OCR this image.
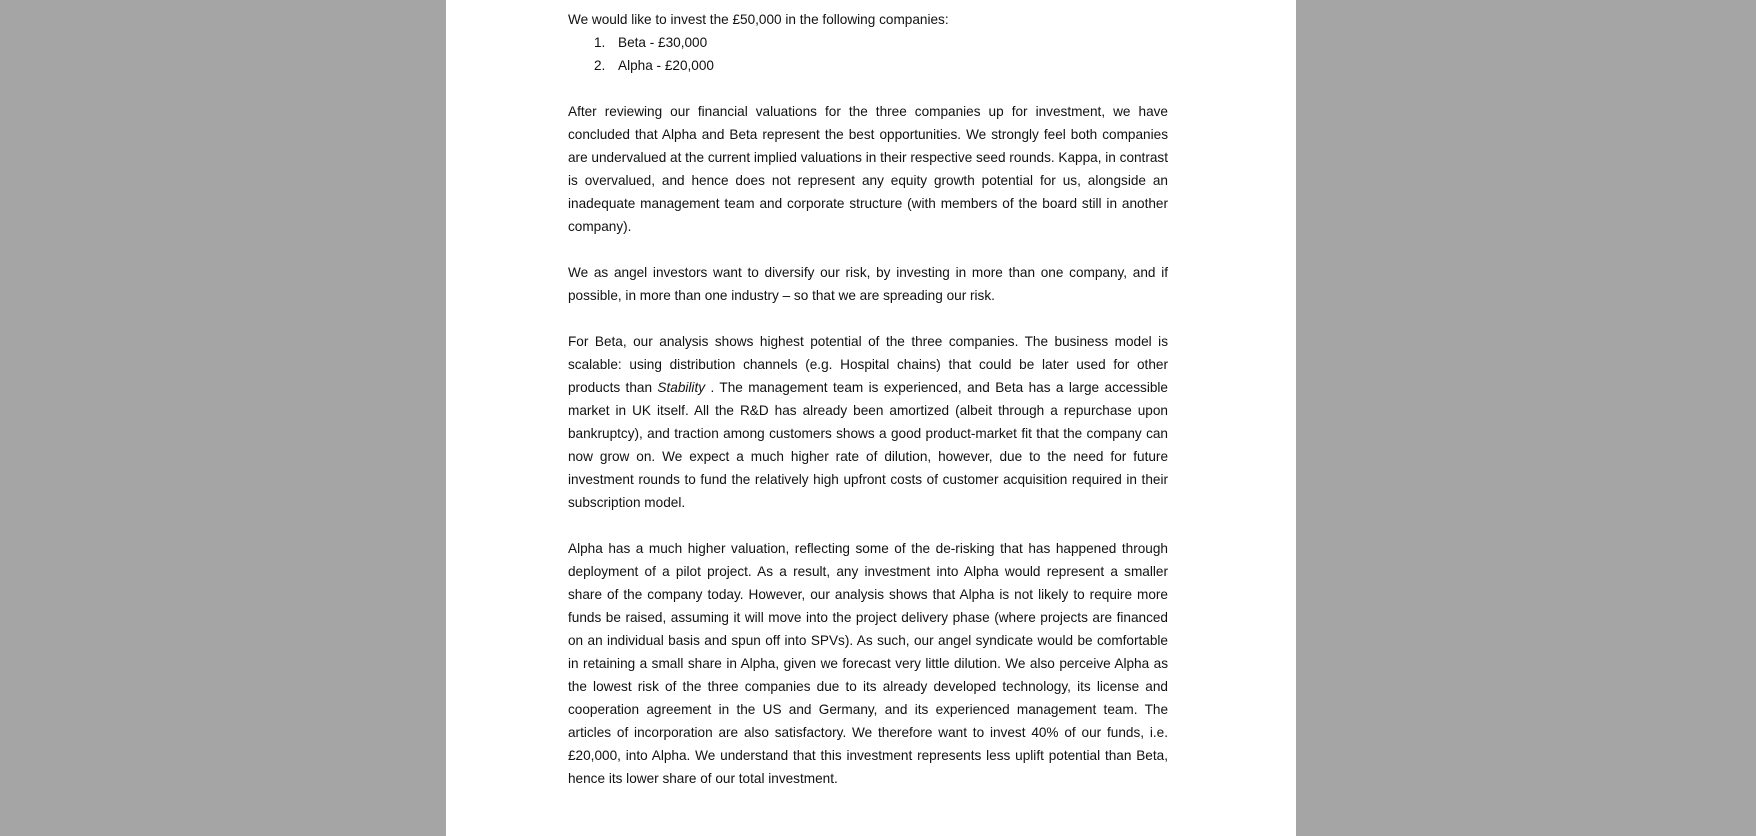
We would like to invest the £50,000 in the following companies:

1. Beta - £30,000
2. Alpha - £20,000

After reviewing our financial valuations for the three companies up for investment, we have concluded that Alpha and Beta represent the best opportunities. We strongly feel both companies are undervalued at the current implied valuations in their respective seed rounds. Kappa, in contrast is overvalued, and hence does not represent any equity growth potential for us, alongside an inadequate management team and corporate structure (with members of the board still in another company).

We as angel investors want to diversify our risk, by investing in more than one company, and if possible, in more than one industry – so that we are spreading our risk.

For Beta, our analysis shows highest potential of the three companies. The business model is scalable: using distribution channels (e.g. Hospital chains) that could be later used for other products than Stability . The management team is experienced, and Beta has a large accessible market in UK itself. All the R&D has already been amortized (albeit through a repurchase upon bankruptcy), and traction among customers shows a good product-market fit that the company can now grow on. We expect a much higher rate of dilution, however, due to the need for future investment rounds to fund the relatively high upfront costs of customer acquisition required in their subscription model.

Alpha has a much higher valuation, reflecting some of the de-risking that has happened through deployment of a pilot project. As a result, any investment into Alpha would represent a smaller share of the company today. However, our analysis shows that Alpha is not likely to require more funds be raised, assuming it will move into the project delivery phase (where projects are financed on an individual basis and spun off into SPVs). As such, our angel syndicate would be comfortable in retaining a small share in Alpha, given we forecast very little dilution. We also perceive Alpha as the lowest risk of the three companies due to its already developed technology, its license and cooperation agreement in the US and Germany, and its experienced management team. The articles of incorporation are also satisfactory. We therefore want to invest 40% of our funds, i.e. £20,000, into Alpha. We understand that this investment represents less uplift potential than Beta, hence its lower share of our total investment.
